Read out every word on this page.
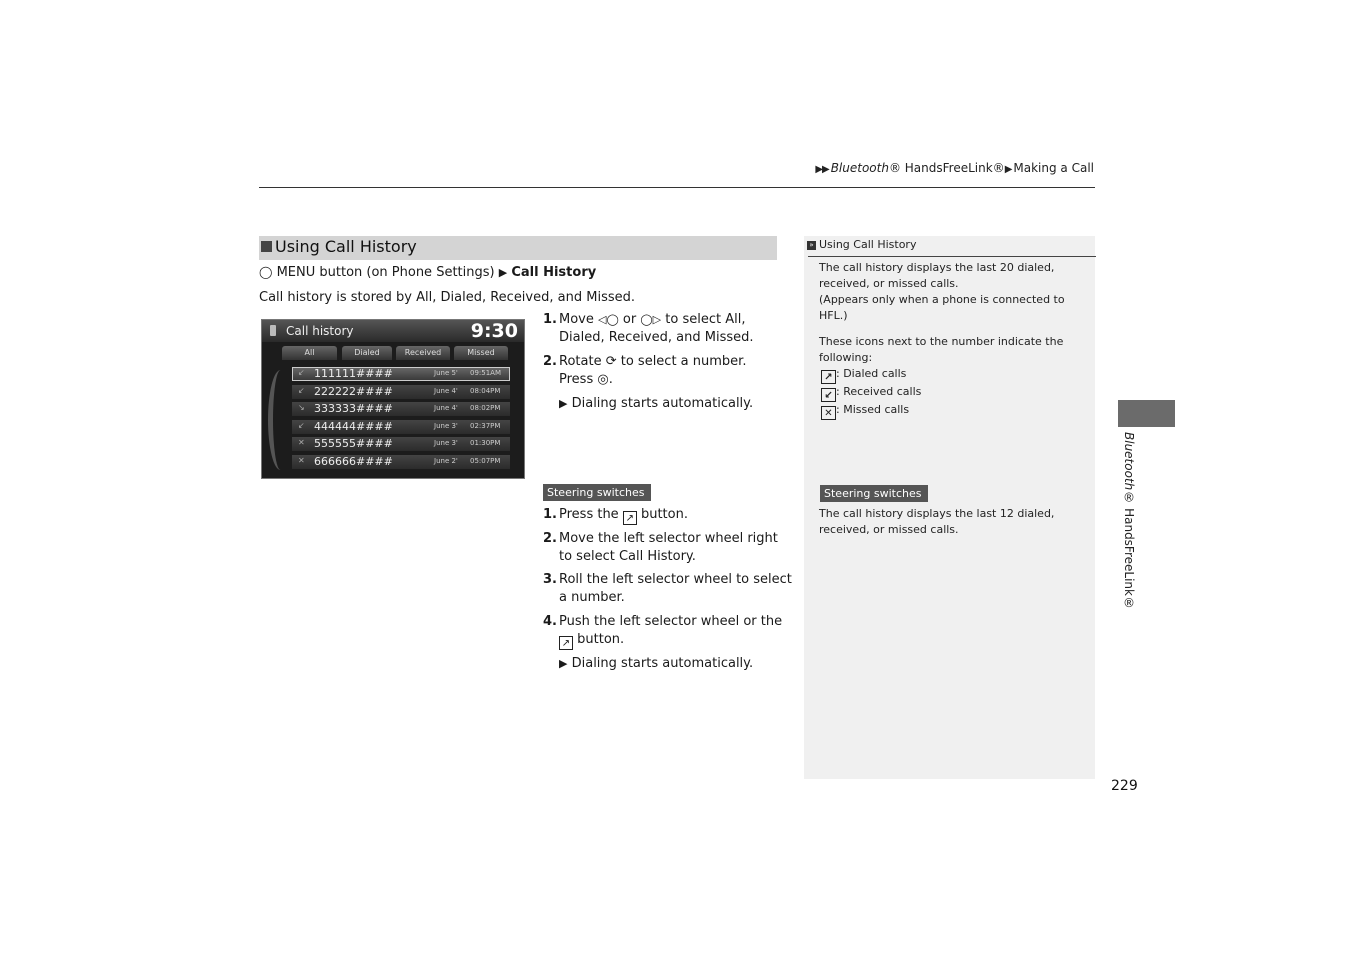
▶▶ Bluetooth® HandsFreeLink®▶ Making a Call
Using Call History
◯ MENU button (on Phone Settings) ▶ Call History
Call history is stored by All, Dialed, Received, and Missed.
Call history	9:30
All	Dialed	Received	Missed
↙ 111111####	June 5' 09:51AM
↙ 222222####	June 4' 08:04PM
↘ 333333####	June 4' 08:02PM
↙ 444444####	June 3' 02:37PM
✕ 555555####	June 3' 01:30PM
✕ 666666####	June 2' 05:07PM
1. Move ◁◯ or ◯▷ to select All,
Dialed, Received, and Missed.
2. Rotate ⟳ to select a number.
Press ◎.
▶ Dialing starts automatically.
Steering switches
1. Press the ↗ button.
2. Move the left selector wheel right
to select Call History.
3. Roll the left selector wheel to select
a number.
4. Push the left selector wheel or the
↗ button.
▶ Dialing starts automatically.
» Using Call History
The call history displays the last 20 dialed,
received, or missed calls.
(Appears only when a phone is connected to
HFL.)
These icons next to the number indicate the
following:
↗ : Dialed calls
↙ : Received calls
✕ : Missed calls
Steering switches
The call history displays the last 12 dialed,
received, or missed calls.
Bluetooth® HandsFreeLink®
229
